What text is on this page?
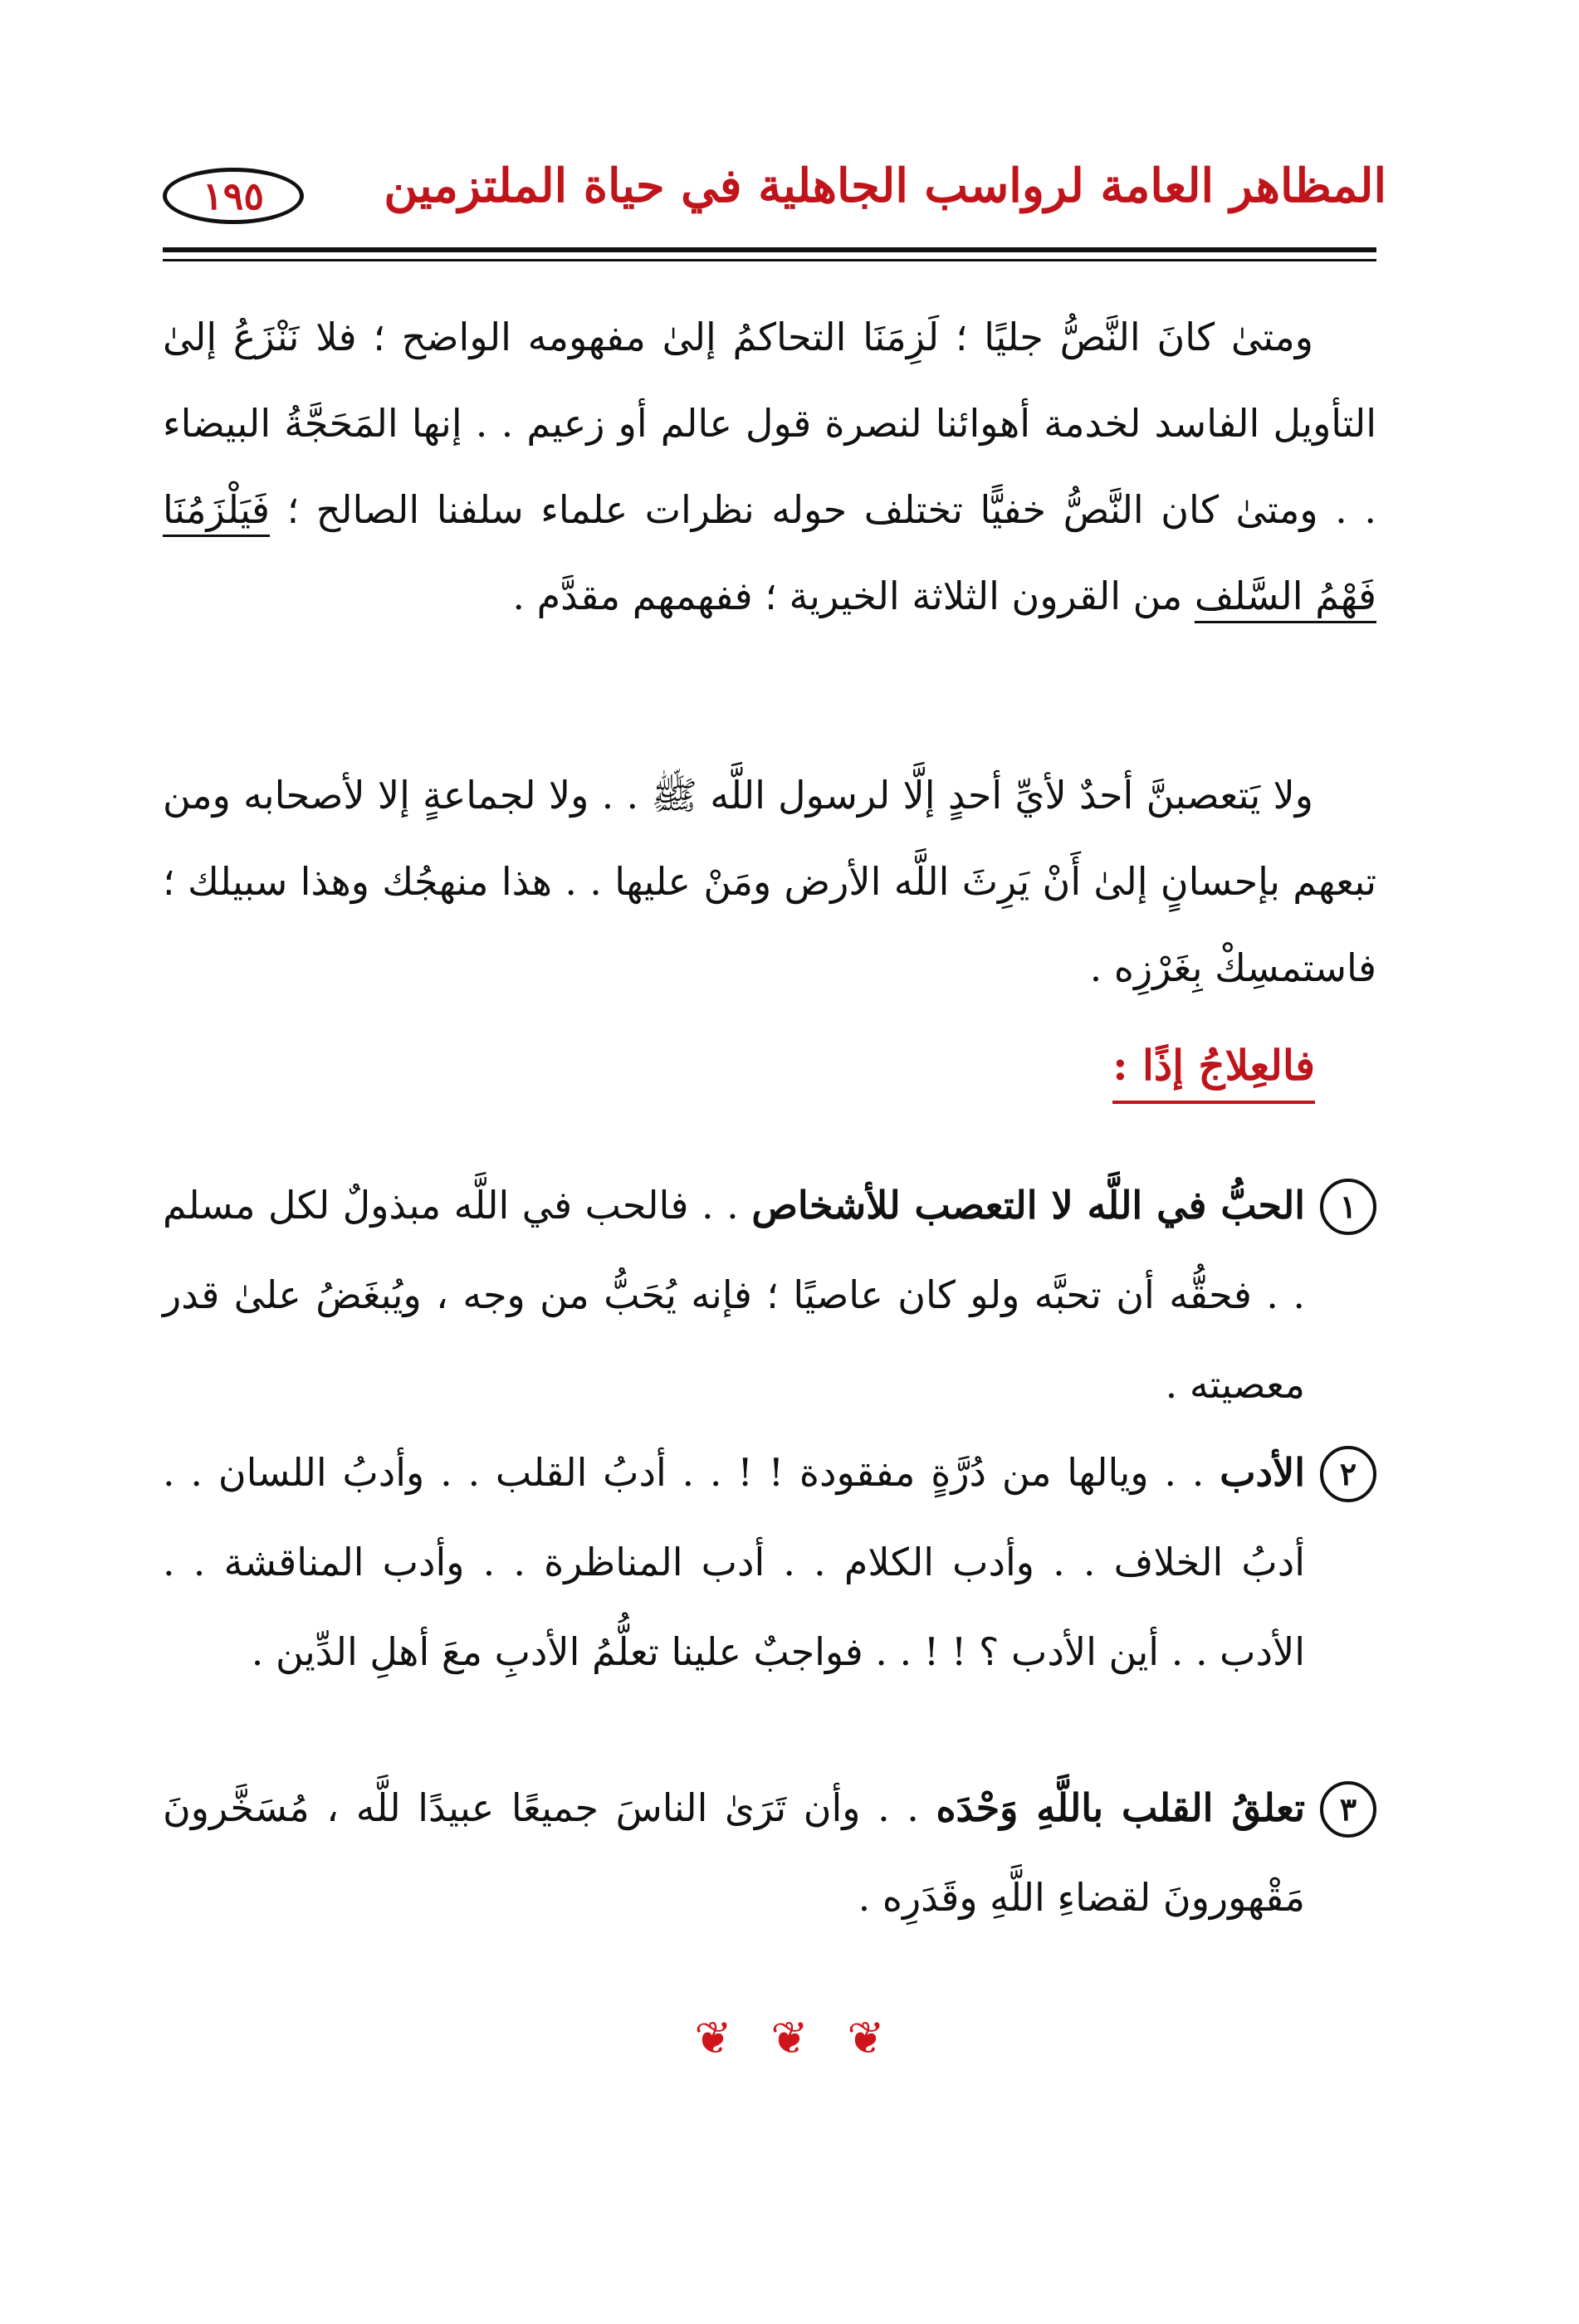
المظاهر العامة لرواسب الجاهلية في حياة الملتزمين
١٩٥

ومتىٰ كانَ النَّصُّ جليًا ؛ لَزِمَنَا التحاكمُ إلىٰ مفهومه الواضح ؛ فلا نَنْزَعُ إلىٰ التأويل الفاسد لخدمة أهوائنا لنصرة قول عالم أو زعيم . . إنها المَحَجَّةُ البيضاء . . ومتىٰ كان النَّصُّ خفيًّا تختلف حوله نظرات علماء سلفنا الصالح ؛ فَيَلْزَمُنَا فَهْمُ السَّلف من القرون الثلاثة الخيرية ؛ ففهمهم مقدَّم .

ولا يَتعصبنَّ أحدٌ لأيِّ أحدٍ إلَّا لرسول اللَّه ﷺ . . ولا لجماعةٍ إلا لأصحابه ومن تبعهم بإحسانٍ إلىٰ أَنْ يَرِثَ اللَّه الأرض ومَنْ عليها . . هذا منهجُك وهذا سبيلك ؛ فاستمسِكْ بِغَرْزِه .

فالعِلاجُ إذًا :
١
الحبُّ في اللَّه لا التعصب للأشخاص . . فالحب في اللَّه مبذولٌ لكل مسلم . . فحقُّه أن تحبَّه ولو كان عاصيًا ؛ فإنه يُحَبُّ من وجه ، ويُبغَضُ علىٰ قدر معصيته .
٢
الأدب . . ويالها من دُرَّةٍ مفقودة ! ! . . أدبُ القلب . . وأدبُ اللسان . . أدبُ الخلاف . . وأدب الكلام . . أدب المناظرة . . وأدب المناقشة . . الأدب . . أين الأدب ؟ ! ! . . فواجبٌ علينا تعلُّمُ الأدبِ معَ أهلِ الدِّين .
٣
تعلقُ القلب باللَّهِ وَحْدَه . . وأن تَرَىٰ الناسَ جميعًا عبيدًا للَّه ، مُسَخَّرونَ مَقْهورونَ لقضاءِ اللَّهِ وقَدَرِه .
❦ ❦ ❦
